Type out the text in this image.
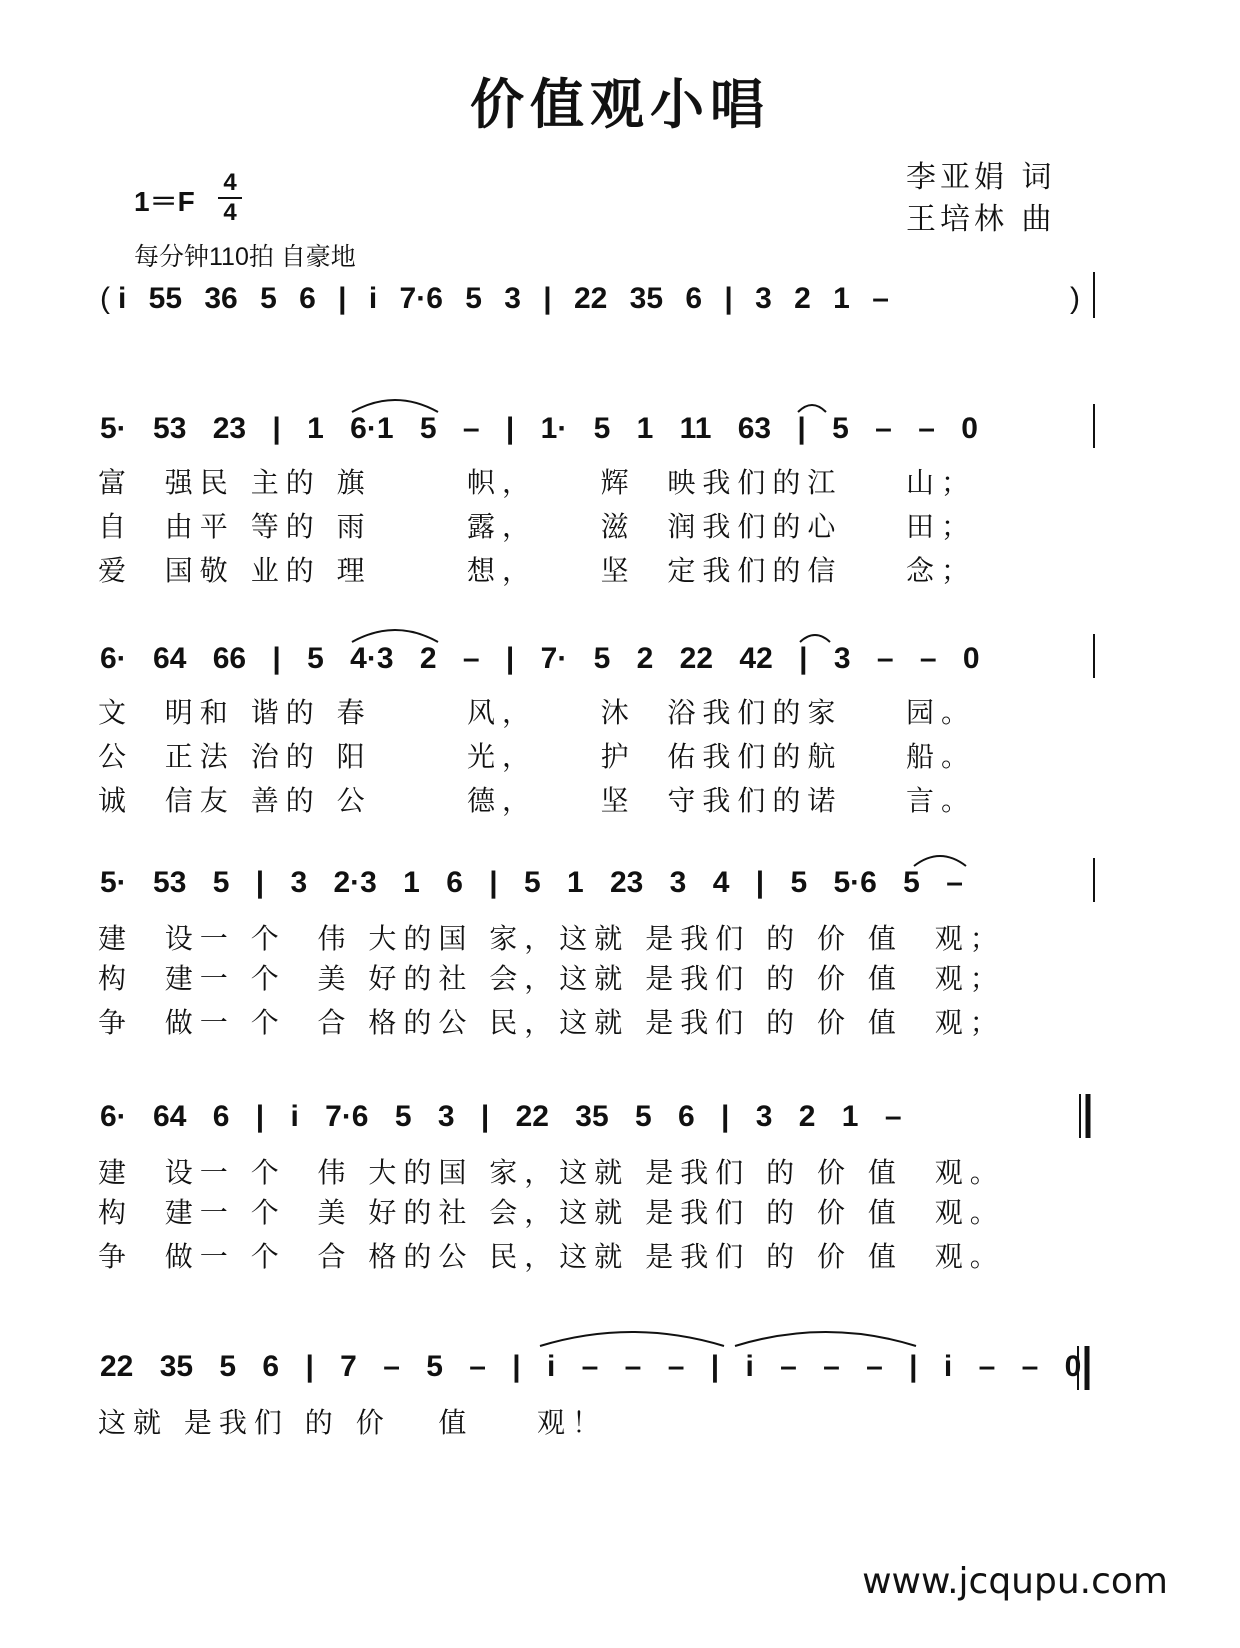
价值观小唱
李亚娟 词
王培林 曲
1＝F
4
4
每分钟110拍 自豪地
( i 55 36 5 6 | i 7·6 5 3 | 22 35 6 | 3 2 1 –	)
5· 53 23 | 1 6·1 5 – | 1· 5 1 11 63 | 5 – – 0
富  强民 主的 旗      帜，    辉  映我们的江    山；
自  由平 等的 雨      露，    滋  润我们的心    田；
爱  国敬 业的 理      想，    坚  定我们的信    念；
6· 64 66 | 5 4·3 2 – | 7· 5 2 22 42 | 3 – – 0
文  明和 谐的 春      风，    沐  浴我们的家    园。
公  正法 治的 阳      光，    护  佑我们的航    船。
诚  信友 善的 公      德，    坚  守我们的诺    言。
5· 53 5 | 3 2·3 1 6 | 5 1 23 3 4 | 5 5·6 5 –
建  设一 个  伟 大的国 家，这就 是我们 的 价 值  观；
构  建一 个  美 好的社 会，这就 是我们 的 价 值  观；
争  做一 个  合 格的公 民，这就 是我们 的 价 值  观；
6· 64 6 | i 7·6 5 3 | 22 35 5 6 | 3 2 1 –
建  设一 个  伟 大的国 家，这就 是我们 的 价 值  观。
构  建一 个  美 好的社 会，这就 是我们 的 价 值  观。
争  做一 个  合 格的公 民，这就 是我们 的 价 值  观。
22 35 5 6 | 7 – 5 – | i – – – | i – – – | i – – 0
这就 是我们 的 价   值    观！
www.jcqupu.com
